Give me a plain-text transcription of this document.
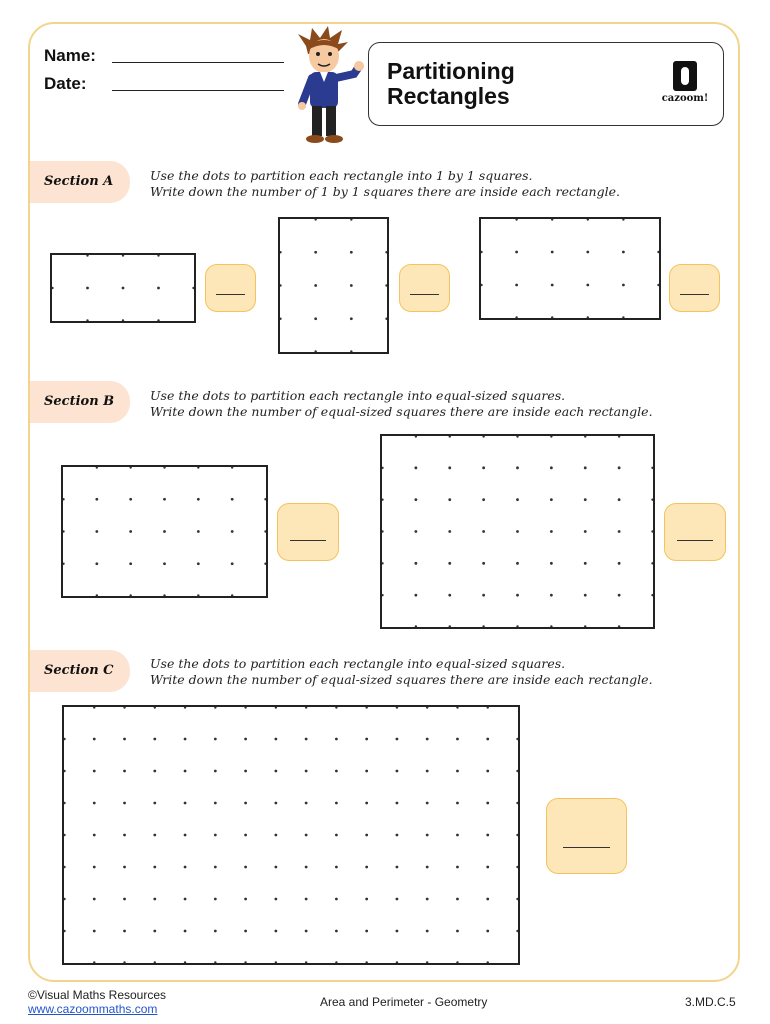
Name:
Date:	Partitioning
Rectangles	cazoom!
Section A	Use the dots to partition each rectangle into 1 by 1 squares.
Write down the number of 1 by 1 squares there are inside each rectangle.
Section B	Use the dots to partition each rectangle into equal-sized squares.
Write down the number of equal-sized squares there are inside each rectangle.
Section C	Use the dots to partition each rectangle into equal-sized squares.
Write down the number of equal-sized squares there are inside each rectangle.
©Visual Maths Resources
www.cazoommaths.com	Area and Perimeter - Geometry	3.MD.C.5
